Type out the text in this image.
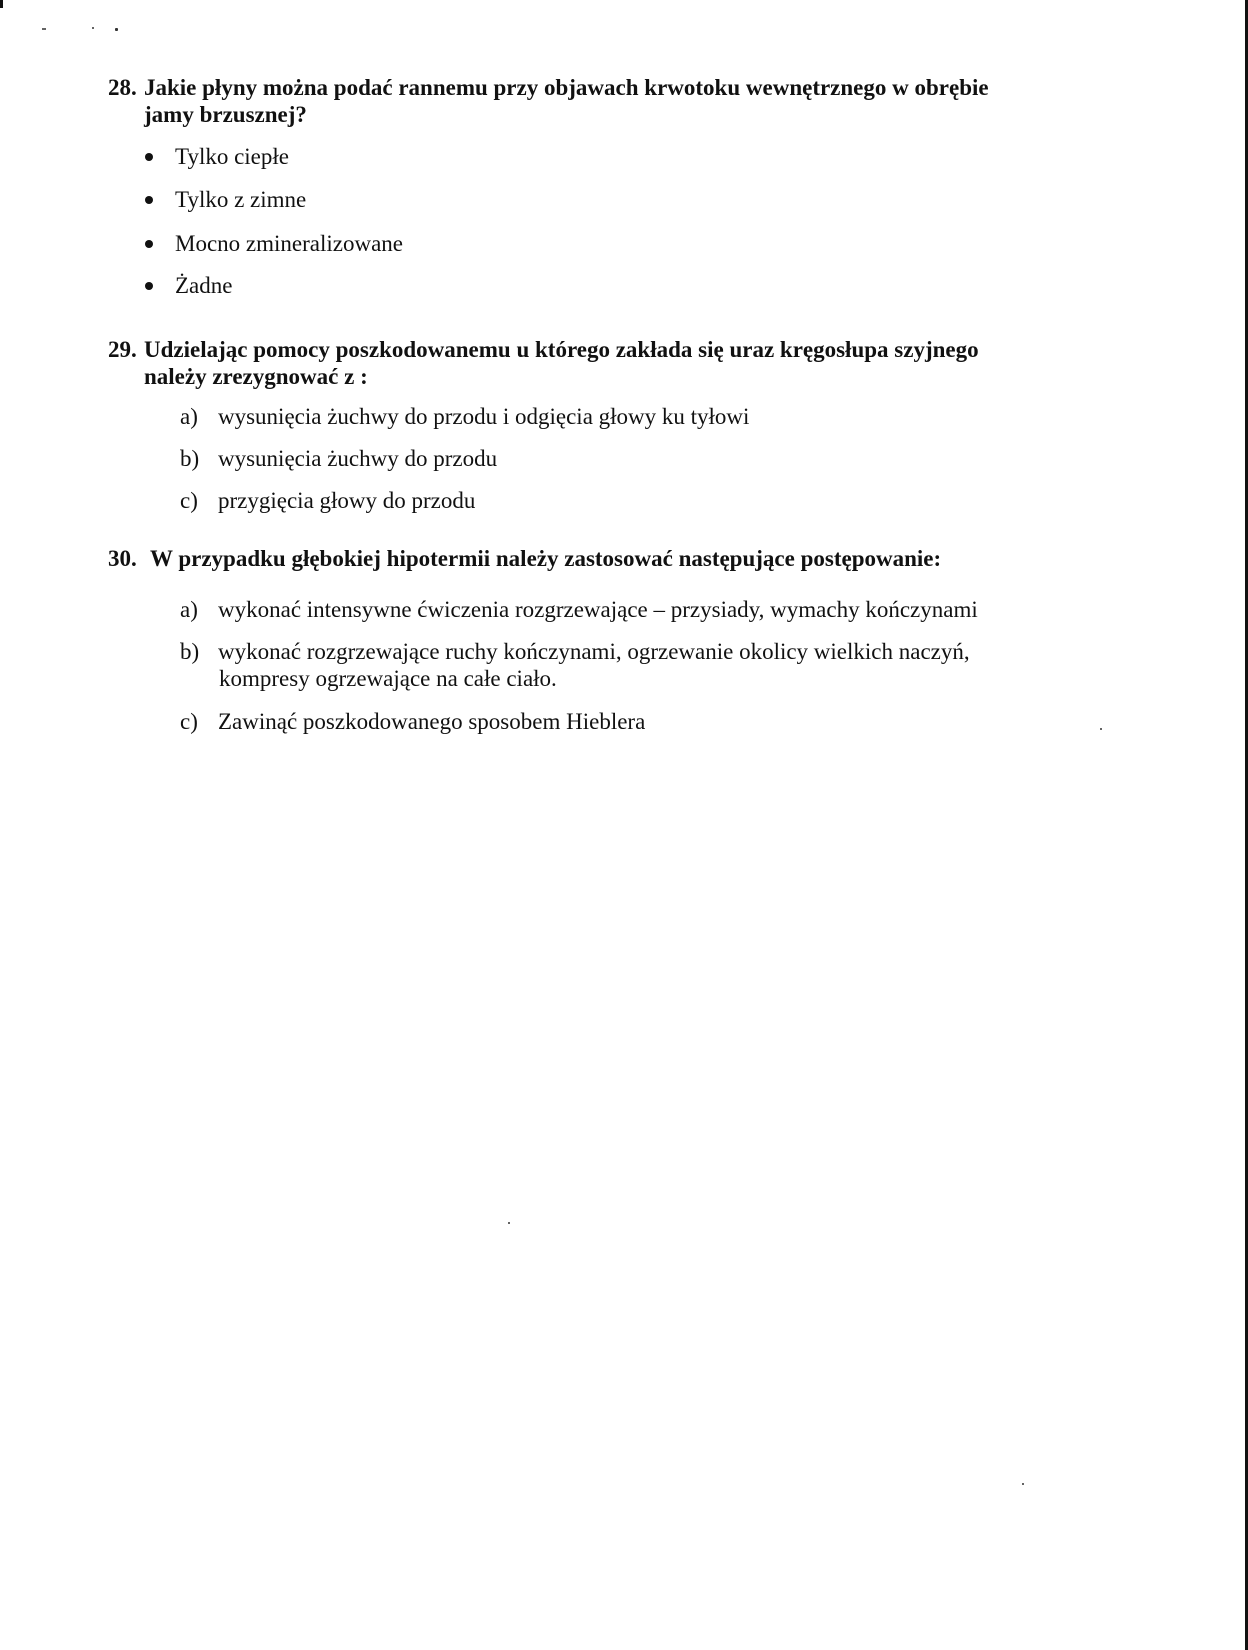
28. Jakie płyny można podać rannemu przy objawach krwotoku wewnętrznego w obrębie
jamy brzusznej?
Tylko ciepłe
Tylko z zimne
Mocno zmineralizowane
Żadne
29. Udzielając pomocy poszkodowanemu u którego zakłada się uraz kręgosłupa szyjnego
należy zrezygnować z :
a) wysunięcia żuchwy do przodu i odgięcia głowy ku tyłowi
b) wysunięcia żuchwy do przodu
c) przygięcia głowy do przodu
30. W przypadku głębokiej hipotermii należy zastosować następujące postępowanie:
a) wykonać intensywne ćwiczenia rozgrzewające – przysiady, wymachy kończynami
b) wykonać rozgrzewające ruchy kończynami, ogrzewanie okolicy wielkich naczyń,
kompresy ogrzewające na całe ciało.
c) Zawinąć poszkodowanego sposobem Hieblera
